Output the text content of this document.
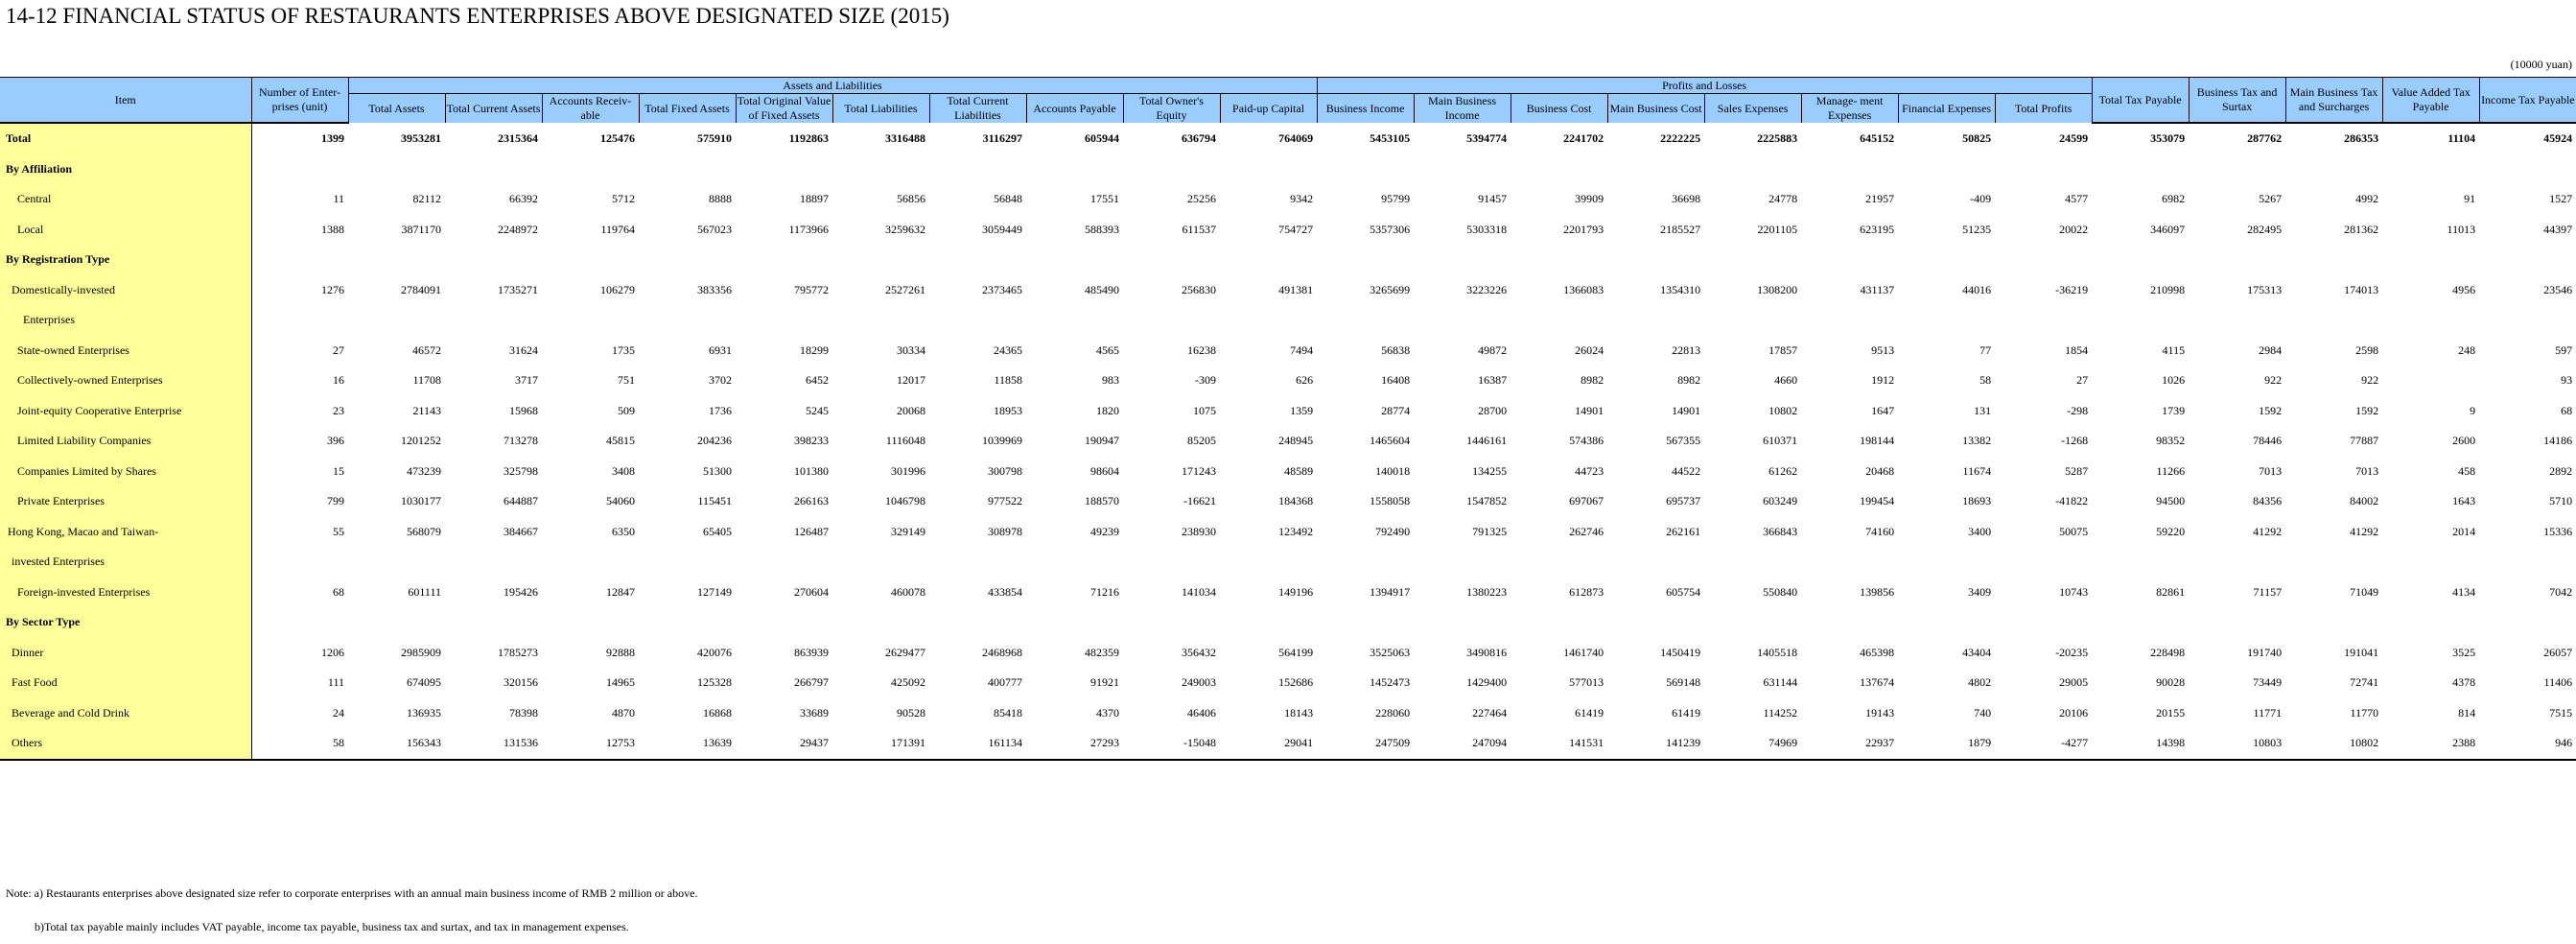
14-12 FINANCIAL STATUS OF RESTAURANTS ENTERPRISES ABOVE DESIGNATED SIZE (2015)
(10000 yuan)
Item	Number of Enter- prises (unit)	Assets and Liabilities										Profits and Losses								Total Tax Payable	Business Tax and Surtax	Main Business Tax and Surcharges	Value Added Tax Payable	Income Tax Payable
		Total Assets	Total Current Assets	Accounts Receiv- able	Total Fixed Assets	Total Original Value of Fixed Assets	Total Liabilities	Total Current Liabilities	Accounts Payable	Total Owner's Equity	Paid-up Capital	Business Income	Main Business Income	Business Cost	Main Business Cost	Sales Expenses	Manage- ment Expenses	Financial Expenses	Total Profits					

Total	1399	3953281	2315364	125476	575910	1192863	3316488	3116297	605944	636794	764069	5453105	5394774	2241702	2222225	2225883	645152	50825	24599	353079	287762	286353	11104	45924
By Affiliation																								
Central	11	82112	66392	5712	8888	18897	56856	56848	17551	25256	9342	95799	91457	39909	36698	24778	21957	-409	4577	6982	5267	4992	91	1527
Local	1388	3871170	2248972	119764	567023	1173966	3259632	3059449	588393	611537	754727	5357306	5303318	2201793	2185527	2201105	623195	51235	20022	346097	282495	281362	11013	44397
By Registration Type																								
Domestically-invested	1276	2784091	1735271	106279	383356	795772	2527261	2373465	485490	256830	491381	3265699	3223226	1366083	1354310	1308200	431137	44016	-36219	210998	175313	174013	4956	23546
Enterprises																								
State-owned Enterprises	27	46572	31624	1735	6931	18299	30334	24365	4565	16238	7494	56838	49872	26024	22813	17857	9513	77	1854	4115	2984	2598	248	597
Collectively-owned Enterprises	16	11708	3717	751	3702	6452	12017	11858	983	-309	626	16408	16387	8982	8982	4660	1912	58	27	1026	922	922		93
Joint-equity Cooperative Enterprise	23	21143	15968	509	1736	5245	20068	18953	1820	1075	1359	28774	28700	14901	14901	10802	1647	131	-298	1739	1592	1592	9	68
Limited Liability Companies	396	1201252	713278	45815	204236	398233	1116048	1039969	190947	85205	248945	1465604	1446161	574386	567355	610371	198144	13382	-1268	98352	78446	77887	2600	14186
Companies Limited by Shares	15	473239	325798	3408	51300	101380	301996	300798	98604	171243	48589	140018	134255	44723	44522	61262	20468	11674	5287	11266	7013	7013	458	2892
Private Enterprises	799	1030177	644887	54060	115451	266163	1046798	977522	188570	-16621	184368	1558058	1547852	697067	695737	603249	199454	18693	-41822	94500	84356	84002	1643	5710
Hong Kong, Macao and Taiwan-	55	568079	384667	6350	65405	126487	329149	308978	49239	238930	123492	792490	791325	262746	262161	366843	74160	3400	50075	59220	41292	41292	2014	15336
invested Enterprises																								
Foreign-invested Enterprises	68	601111	195426	12847	127149	270604	460078	433854	71216	141034	149196	1394917	1380223	612873	605754	550840	139856	3409	10743	82861	71157	71049	4134	7042
By Sector Type																								
Dinner	1206	2985909	1785273	92888	420076	863939	2629477	2468968	482359	356432	564199	3525063	3490816	1461740	1450419	1405518	465398	43404	-20235	228498	191740	191041	3525	26057
Fast Food	111	674095	320156	14965	125328	266797	425092	400777	91921	249003	152686	1452473	1429400	577013	569148	631144	137674	4802	29005	90028	73449	72741	4378	11406
Beverage and Cold Drink	24	136935	78398	4870	16868	33689	90528	85418	4370	46406	18143	228060	227464	61419	61419	114252	19143	740	20106	20155	11771	11770	814	7515
Others	58	156343	131536	12753	13639	29437	171391	161134	27293	-15048	29041	247509	247094	141531	141239	74969	22937	1879	-4277	14398	10803	10802	2388	946
Note: a) Restaurants enterprises above designated size refer to corporate enterprises with an annual main business income of RMB 2 million or above.
b)Total tax payable mainly includes VAT payable, income tax payable, business tax and surtax, and tax in management expenses.
